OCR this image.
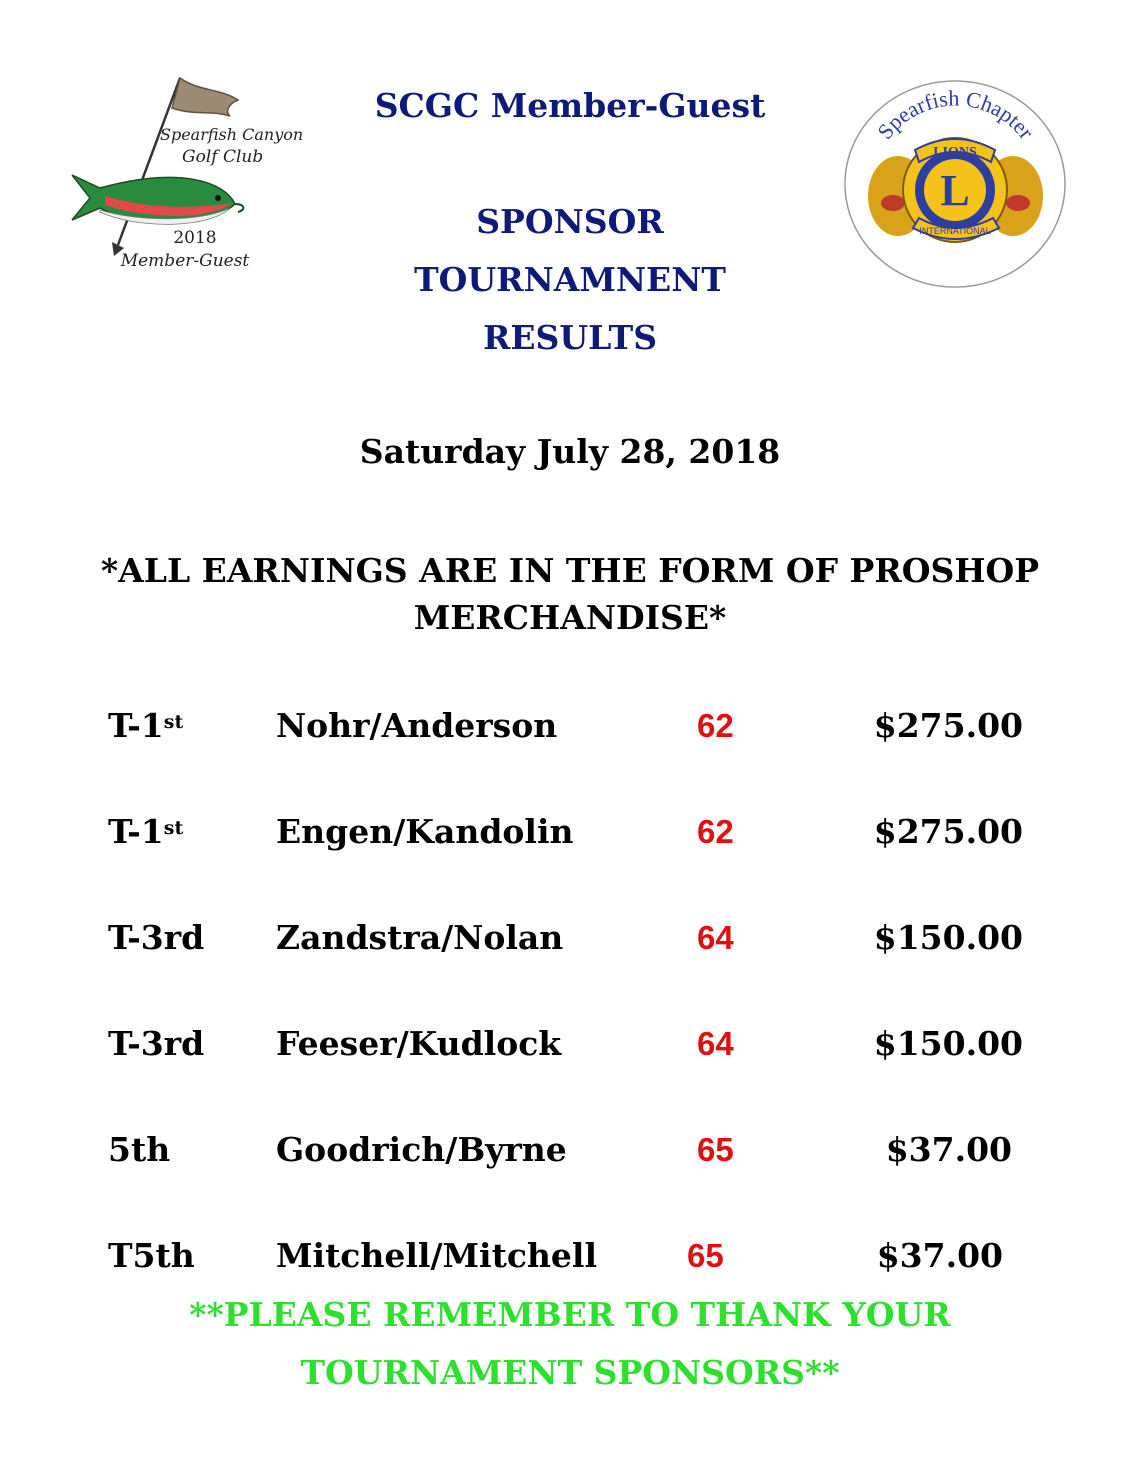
Spearfish Canyon
Golf Club
2018
Member-Guest
Spearfish Chapter
LIONS
L
INTERNATIONAL
SCGC Member-Guest
SPONSOR
TOURNAMNENT
RESULTS
Saturday July 28, 2018
*ALL EARNINGS ARE IN THE FORM OF PROSHOP MERCHANDISE*
T-1st	Nohr/Anderson	62	$275.00
T-1st	Engen/Kandolin	62	$275.00
T-3rd Zandstra/Nolan	64	$150.00
T-3rd Feeser/Kudlock	64	$150.00
5th	Goodrich/Byrne	65	$37.00
T5th Mitchell/Mitchell	65	$37.00
**PLEASE REMEMBER TO THANK YOUR
TOURNAMENT SPONSORS**
